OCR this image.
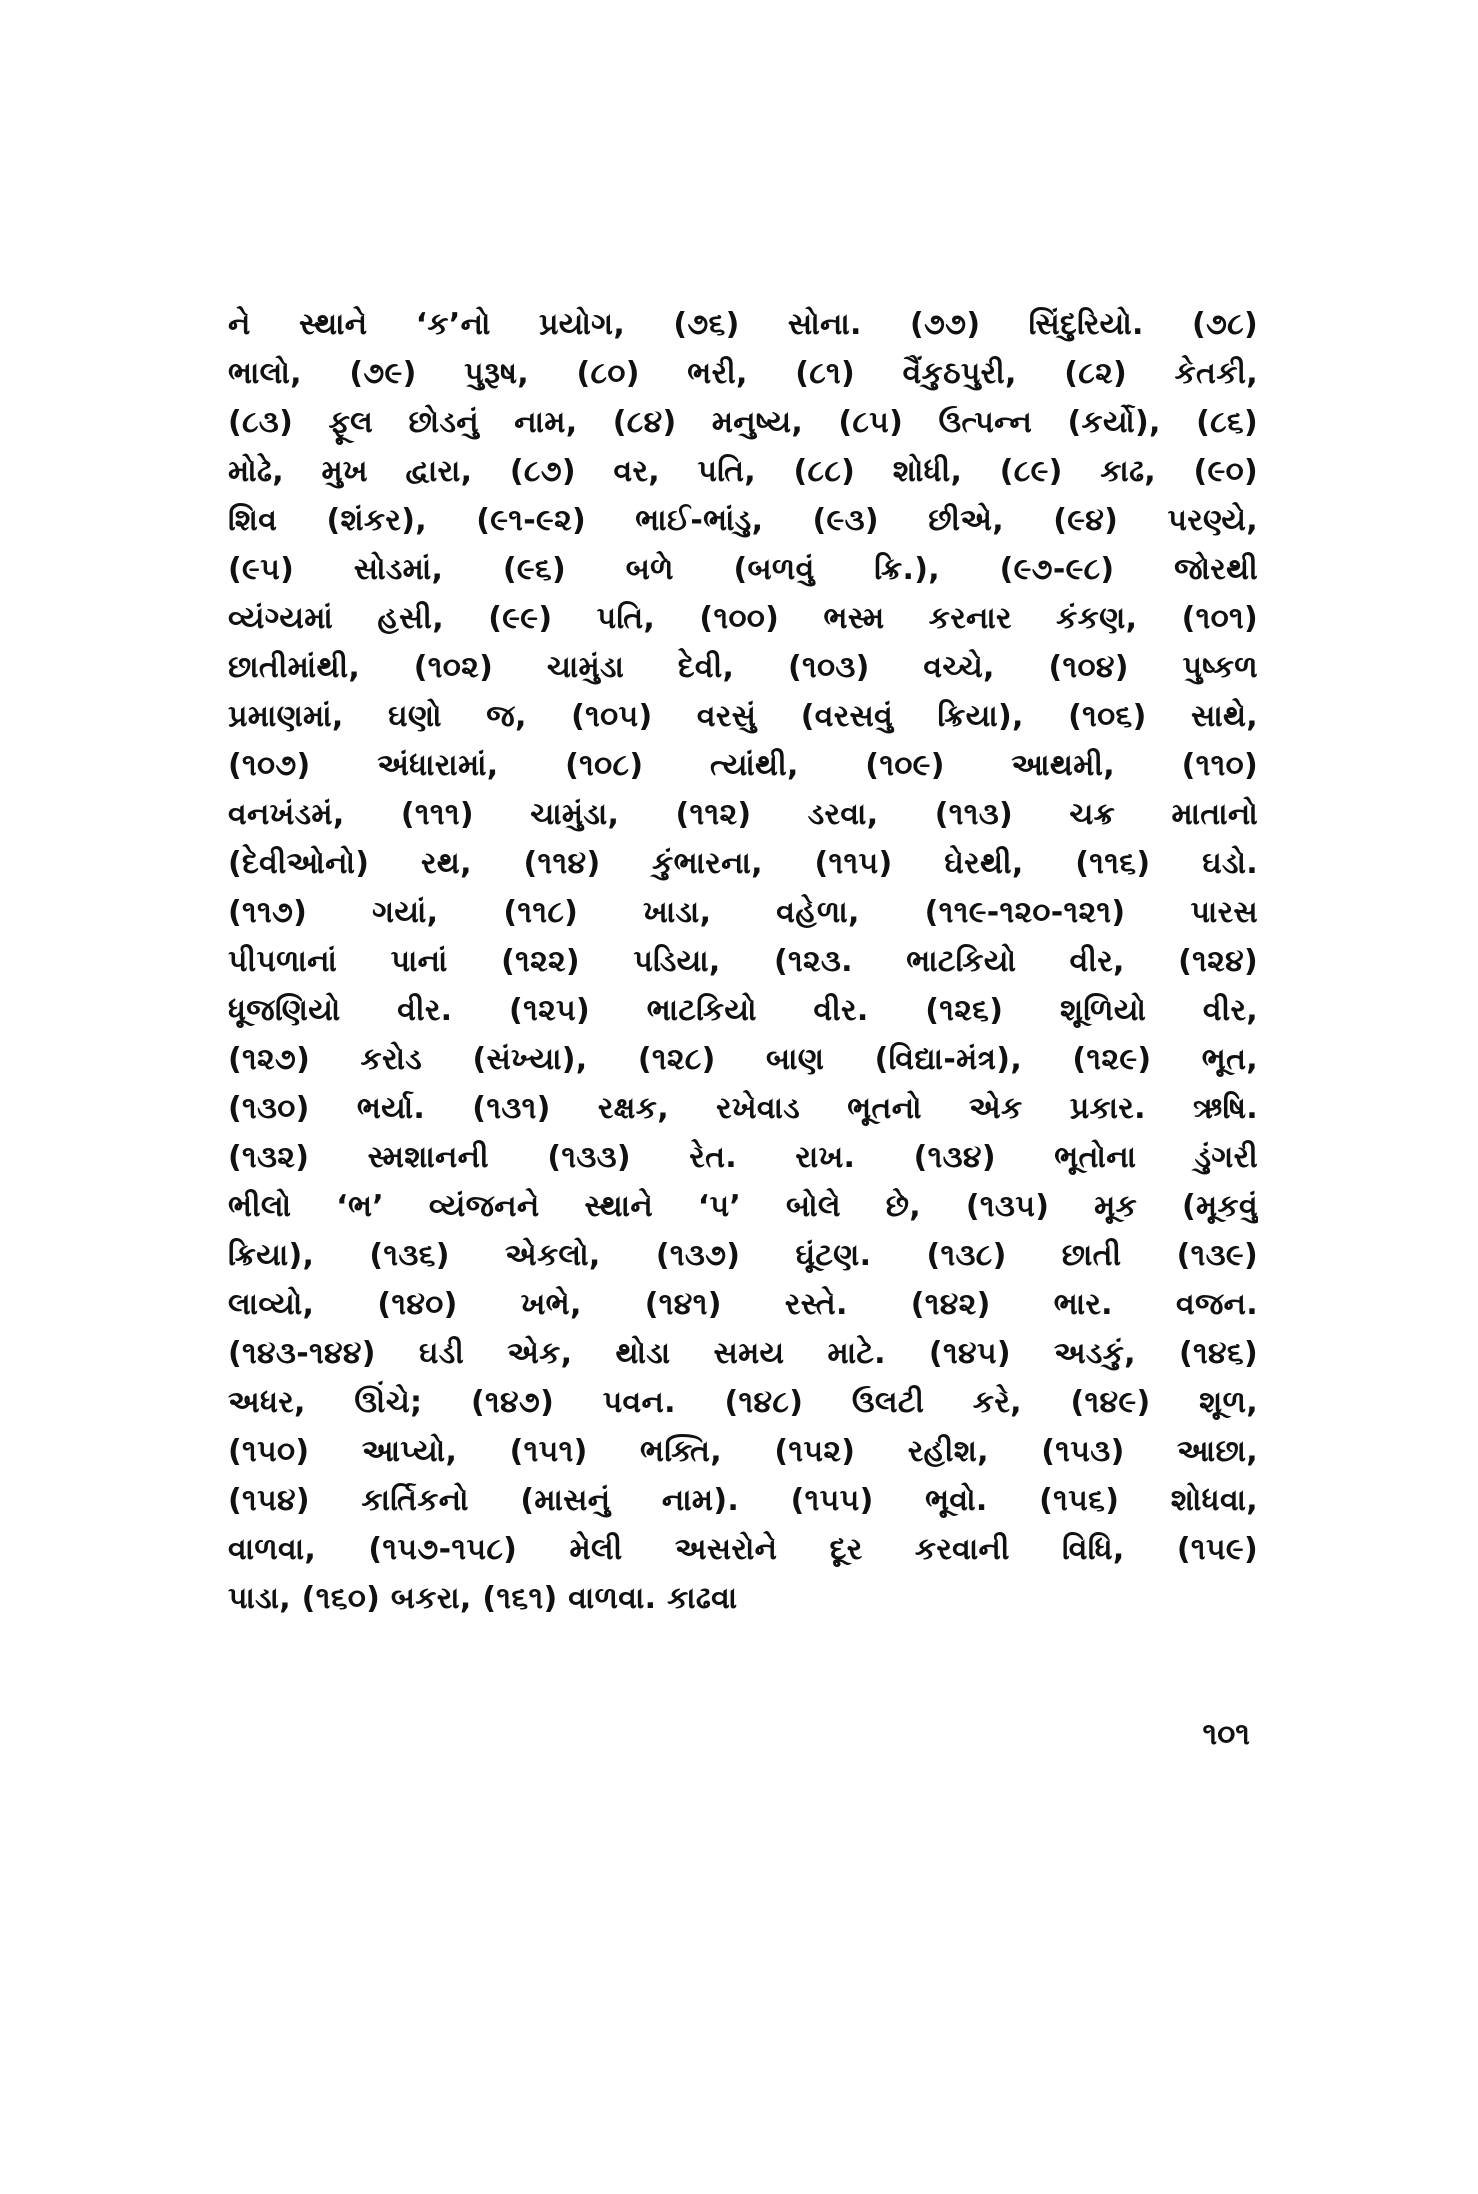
ને સ્થાને ‘ક’નો પ્રયોગ, (૭૬) સોના. (૭૭) સિંદુરિયો. (૭૮)
ભાલો, (૭૯) પુરૂષ, (૮૦) ભરી, (૮૧) વૈંકુઠપુરી, (૮૨) કેતકી,
(૮૩) ફૂલ છોડનું નામ, (૮૪) મનુષ્ય, (૮૫) ઉત્પન્ન (કર્યો), (૮૬)
મોઢે, મુખ દ્વારા, (૮૭) વર, પતિ, (૮૮) શોધી, (૮૯) કાઢ, (૯૦)
શિવ (શંકર), (૯૧-૯૨) ભાઈ-ભાંડુ, (૯૩) છીએ, (૯૪) પરણ્યે,
(૯૫) સોડમાં, (૯૬) બળે (બળવું ક્રિ.), (૯૭-૯૮) જોરથી
વ્યંગ્યમાં હસી, (૯૯) પતિ, (૧૦૦) ભસ્મ કરનાર કંકણ, (૧૦૧)
છાતીમાંથી, (૧૦૨) ચામુંડા દેવી, (૧૦૩) વચ્ચે, (૧૦૪) પુષ્કળ
પ્રમાણમાં, ઘણો જ, (૧૦૫) વરસું (વરસવું ક્રિયા), (૧૦૬) સાથે,
(૧૦૭) અંધારામાં, (૧૦૮) ત્યાંથી, (૧૦૯) આથમી, (૧૧૦)
વનખંડમં, (૧૧૧) ચામુંડા, (૧૧૨) ડરવા, (૧૧૩) ચક્ર માતાનો
(દેવીઓનો) રથ, (૧૧૪) કુંભારના, (૧૧૫) ઘેરથી, (૧૧૬) ઘડો.
(૧૧૭) ગયાં, (૧૧૮) ખાડા, વહેળા, (૧૧૯-૧૨૦-૧૨૧) પારસ
પીપળાનાં પાનાં (૧૨૨) પડિયા, (૧૨૩. ભાટકિયો વીર, (૧૨૪)
ધૂજણિયો વીર. (૧૨૫) ભાટકિયો વીર. (૧૨૬) શૂળિયો વીર,
(૧૨૭) કરોડ (સંખ્યા), (૧૨૮) બાણ (વિદ્યા-મંત્ર), (૧૨૯) ભૂત,
(૧૩૦) ભર્યા. (૧૩૧) રક્ષક, રખેવાડ ભૂતનો એક પ્રકાર. ઋષિ.
(૧૩૨) સ્મશાનની (૧૩૩) રેત. રાખ. (૧૩૪) ભૂતોના ડુંગરી
ભીલો ‘ભ’ વ્યંજનને સ્થાને ‘પ’ બોલે છે, (૧૩૫) મૂક (મૂકવું
ક્રિયા), (૧૩૬) એકલો, (૧૩૭) ઘૂંટણ. (૧૩૮) છાતી (૧૩૯)
લાવ્યો, (૧૪૦) ખભે, (૧૪૧) રસ્તે. (૧૪૨) ભાર. વજન.
(૧૪૩-૧૪૪) ઘડી એક, થોડા સમય માટે. (૧૪૫) અડકું, (૧૪૬)
અધર, ઊંચે; (૧૪૭) પવન. (૧૪૮) ઉલટી કરે, (૧૪૯) શૂળ,
(૧૫૦) આપ્યો, (૧૫૧) ભક્તિ, (૧૫૨) રહીશ, (૧૫૩) આછા,
(૧૫૪) કાર્તિકનો (માસનું નામ). (૧૫૫) ભૂવો. (૧૫૬) શોધવા,
વાળવા, (૧૫૭-૧૫૮) મેલી અસરોને દૂર કરવાની વિધિ, (૧૫૯)
પાડા, (૧૬૦) બકરા, (૧૬૧) વાળવા. કાઢવા
૧૦૧
